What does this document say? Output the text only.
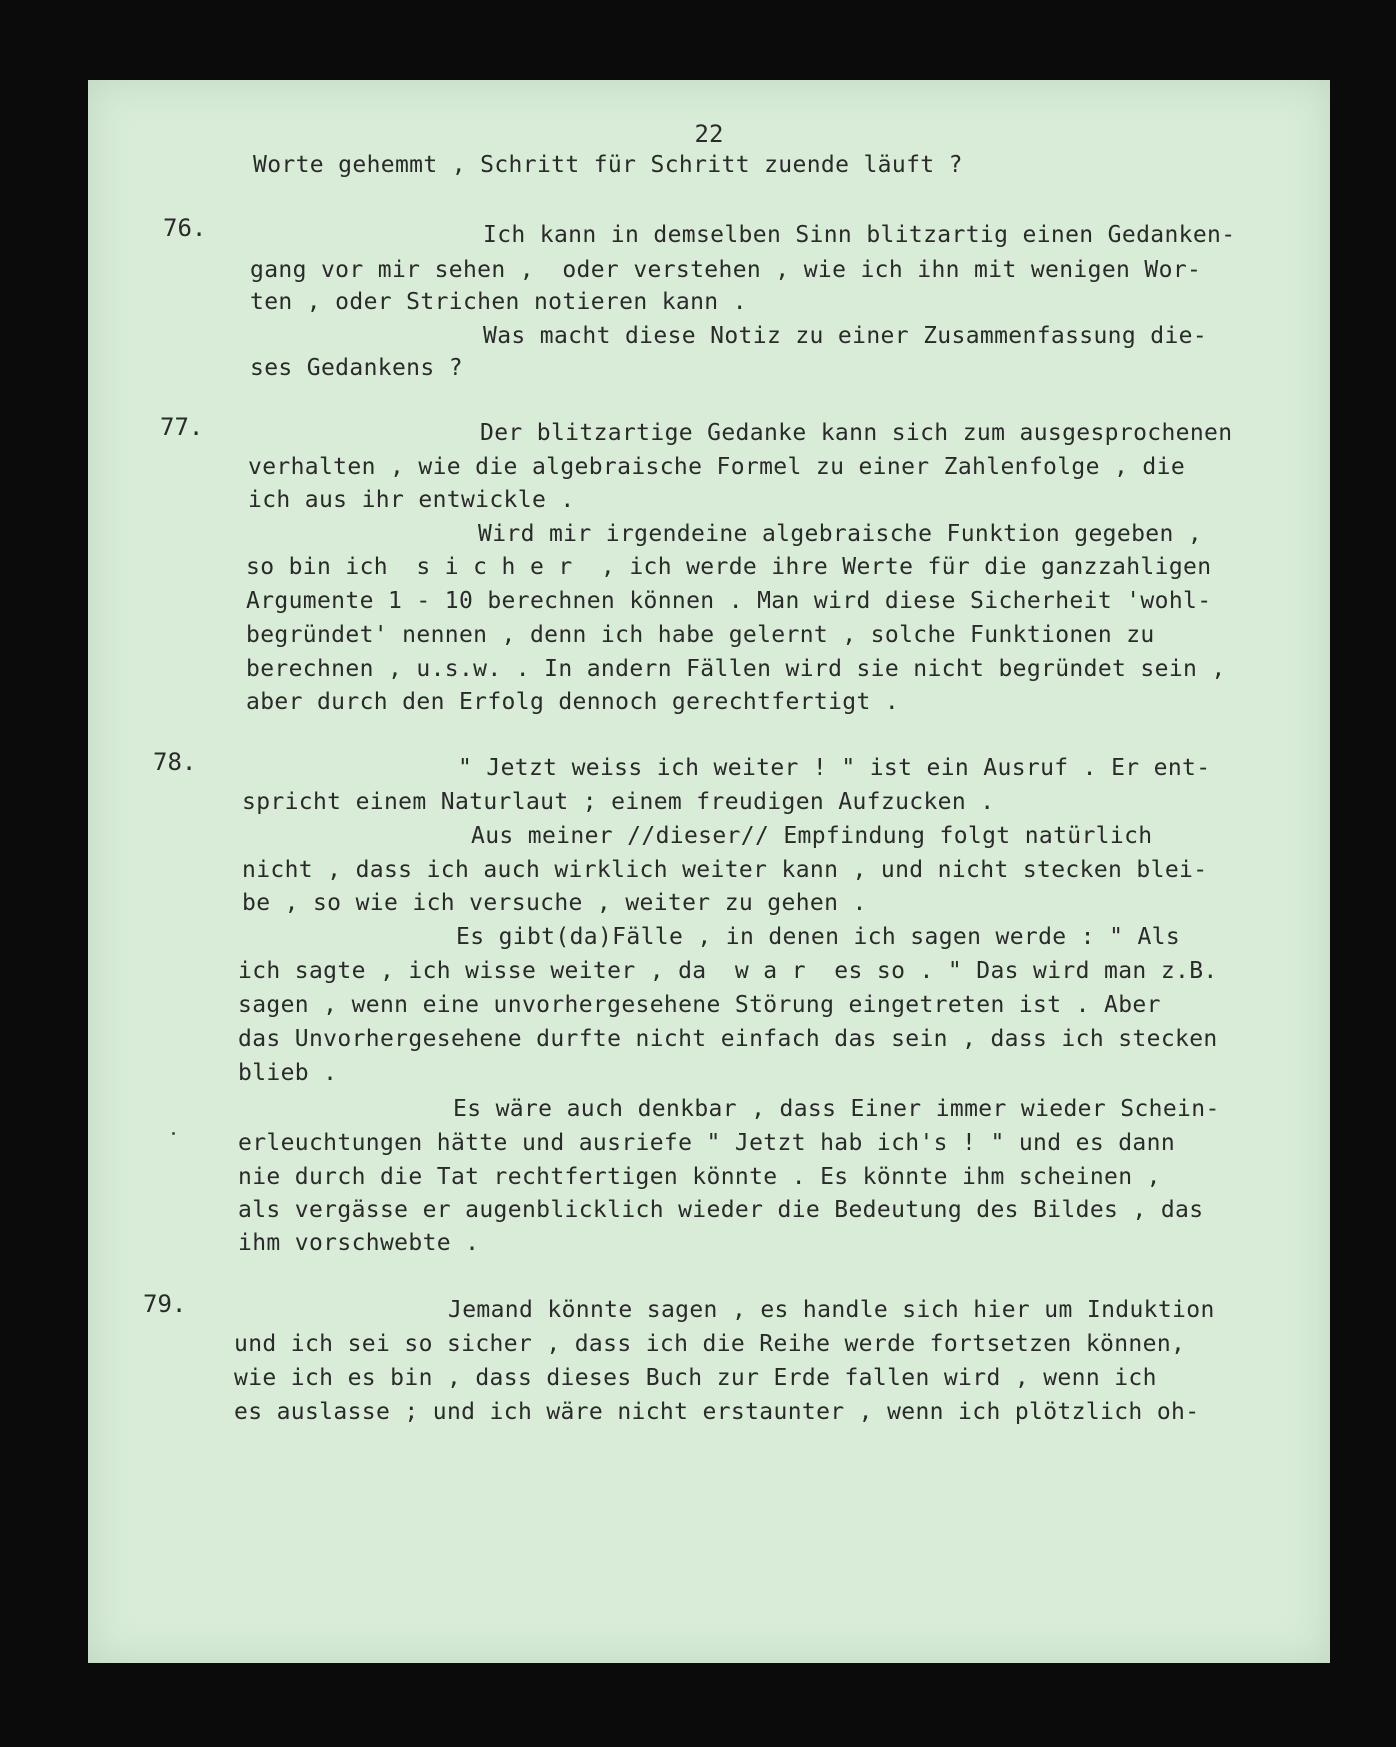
22
Worte gehemmt , Schritt für Schritt zuende läuft ?
76.	Ich kann in demselben Sinn blitzartig einen Gedanken-
gang vor mir sehen ,  oder verstehen , wie ich ihn mit wenigen Wor-
ten , oder Strichen notieren kann .
Was macht diese Notiz zu einer Zusammenfassung die-
ses Gedankens ?
77.	Der blitzartige Gedanke kann sich zum ausgesprochenen
verhalten , wie die algebraische Formel zu einer Zahlenfolge , die
ich aus ihr entwickle .
Wird mir irgendeine algebraische Funktion gegeben ,
so bin ich  s i c h e r  , ich werde ihre Werte für die ganzzahligen
Argumente 1 - 10 berechnen können . Man wird diese Sicherheit 'wohl-
begründet' nennen , denn ich habe gelernt , solche Funktionen zu
berechnen , u.s.w. . In andern Fällen wird sie nicht begründet sein ,
aber durch den Erfolg dennoch gerechtfertigt .
78.	" Jetzt weiss ich weiter ! " ist ein Ausruf . Er ent-
spricht einem Naturlaut ; einem freudigen Aufzucken .
Aus meiner //dieser// Empfindung folgt natürlich
nicht , dass ich auch wirklich weiter kann , und nicht stecken blei-
be , so wie ich versuche , weiter zu gehen .
Es gibt(da)Fälle , in denen ich sagen werde : " Als
ich sagte , ich wisse weiter , da  w a r  es so . " Das wird man z.B.
sagen , wenn eine unvorhergesehene Störung eingetreten ist . Aber
das Unvorhergesehene durfte nicht einfach das sein , dass ich stecken
blieb .
Es wäre auch denkbar , dass Einer immer wieder Schein-
erleuchtungen hätte und ausriefe " Jetzt hab ich's ! " und es dann
nie durch die Tat rechtfertigen könnte . Es könnte ihm scheinen ,
als vergässe er augenblicklich wieder die Bedeutung des Bildes , das
ihm vorschwebte .
79.	Jemand könnte sagen , es handle sich hier um Induktion
und ich sei so sicher , dass ich die Reihe werde fortsetzen können,
wie ich es bin , dass dieses Buch zur Erde fallen wird , wenn ich
es auslasse ; und ich wäre nicht erstaunter , wenn ich plötzlich oh-
